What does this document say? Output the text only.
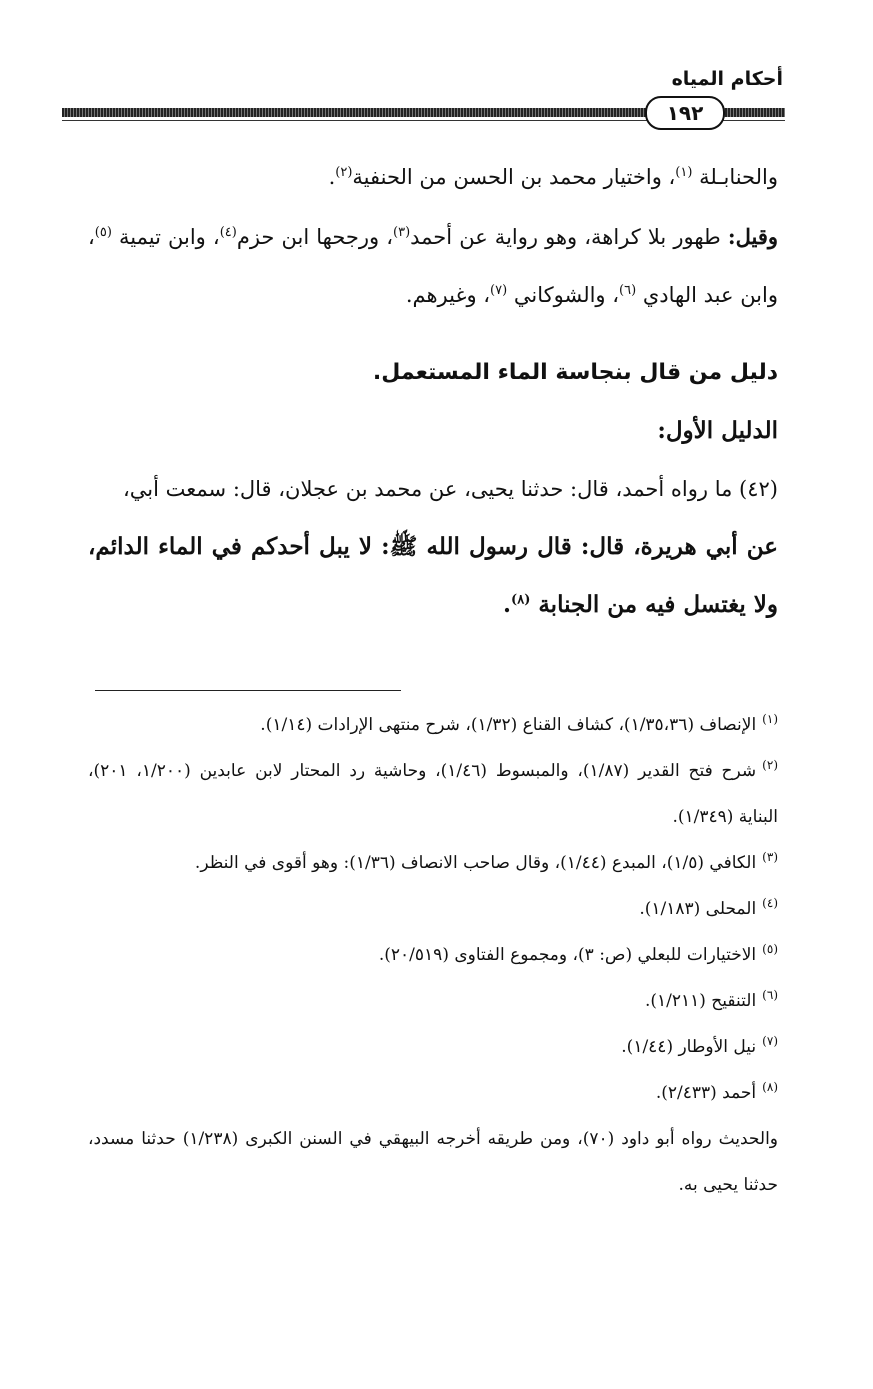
أحكام المياه
١٩٢

والحنابـلة $^{(١)}$، واختيار محمد بن الحسن من الحنفية$^{(٢)}$.

وقيل: طهور بلا كراهة، وهو رواية عن أحمد$^{(٣)}$، ورجحها ابن حزم$^{(٤)}$، وابن تيمية $^{(٥)}$، وابن عبد الهادي $^{(٦)}$، والشوكاني $^{(٧)}$، وغيرهم.

دليل من قال بنجاسة الماء المستعمل.

الدليل الأول:

(٤٢) ما رواه أحمد، قال: حدثنا يحيى، عن محمد بن عجلان، قال: سمعت أبي،

عن أبي هريرة، قال: قال رسول الله ﷺ: لا يبل أحدكم في الماء الدائم، ولا يغتسل فيه من الجنابة $^{(٨)}$.

$^{(١)}$الإنصاف (١/٣٥،٣٦)، كشاف القناع (١/٣٢)، شرح منتهى الإرادات (١/١٤).

$^{(٢)}$شرح فتح القدير (١/٨٧)، والمبسوط (١/٤٦)، وحاشية رد المحتار لابن عابدين (١/٢٠٠، ٢٠١)، البناية (١/٣٤٩).

$^{(٣)}$الكافي (١/٥)، المبدع (١/٤٤)، وقال صاحب الانصاف (١/٣٦): وهو أقوى في النظر.

$^{(٤)}$المحلى (١/١٨٣).

$^{(٥)}$الاختيارات للبعلي (ص: ٣)، ومجموع الفتاوى (٢٠/٥١٩).

$^{(٦)}$التنقيح (١/٢١١).

$^{(٧)}$نيل الأوطار (١/٤٤).

$^{(٨)}$أحمد (٢/٤٣٣).

والحديث رواه أبو داود (٧٠)، ومن طريقه أخرجه البيهقي في السنن الكبرى (١/٢٣٨) حدثنا مسدد، حدثنا يحيى به.
